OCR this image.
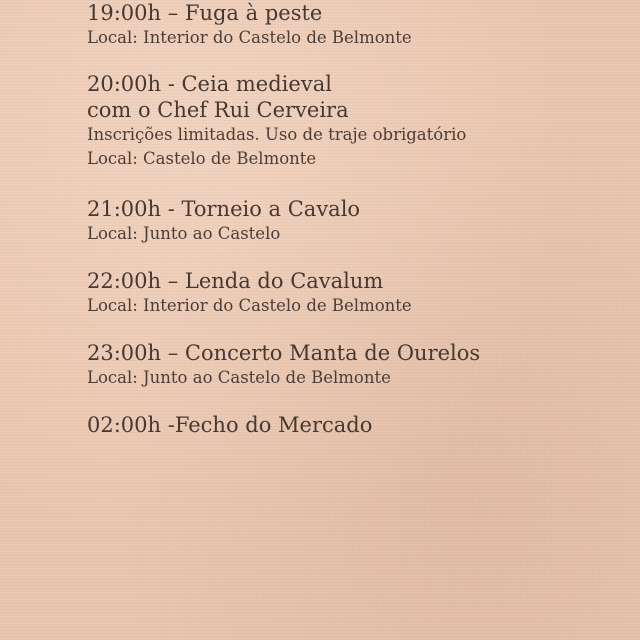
19:00h – Fuga à peste

Local: Interior do Castelo de Belmonte

20:00h - Ceia medieval
com o Chef Rui Cerveira

Inscrições limitadas. Uso de traje obrigatório

Local: Castelo de Belmonte

21:00h - Torneio a Cavalo

Local: Junto ao Castelo

22:00h – Lenda do Cavalum

Local: Interior do Castelo de Belmonte

23:00h – Concerto Manta de Ourelos

Local: Junto ao Castelo de Belmonte

02:00h -Fecho do Mercado
